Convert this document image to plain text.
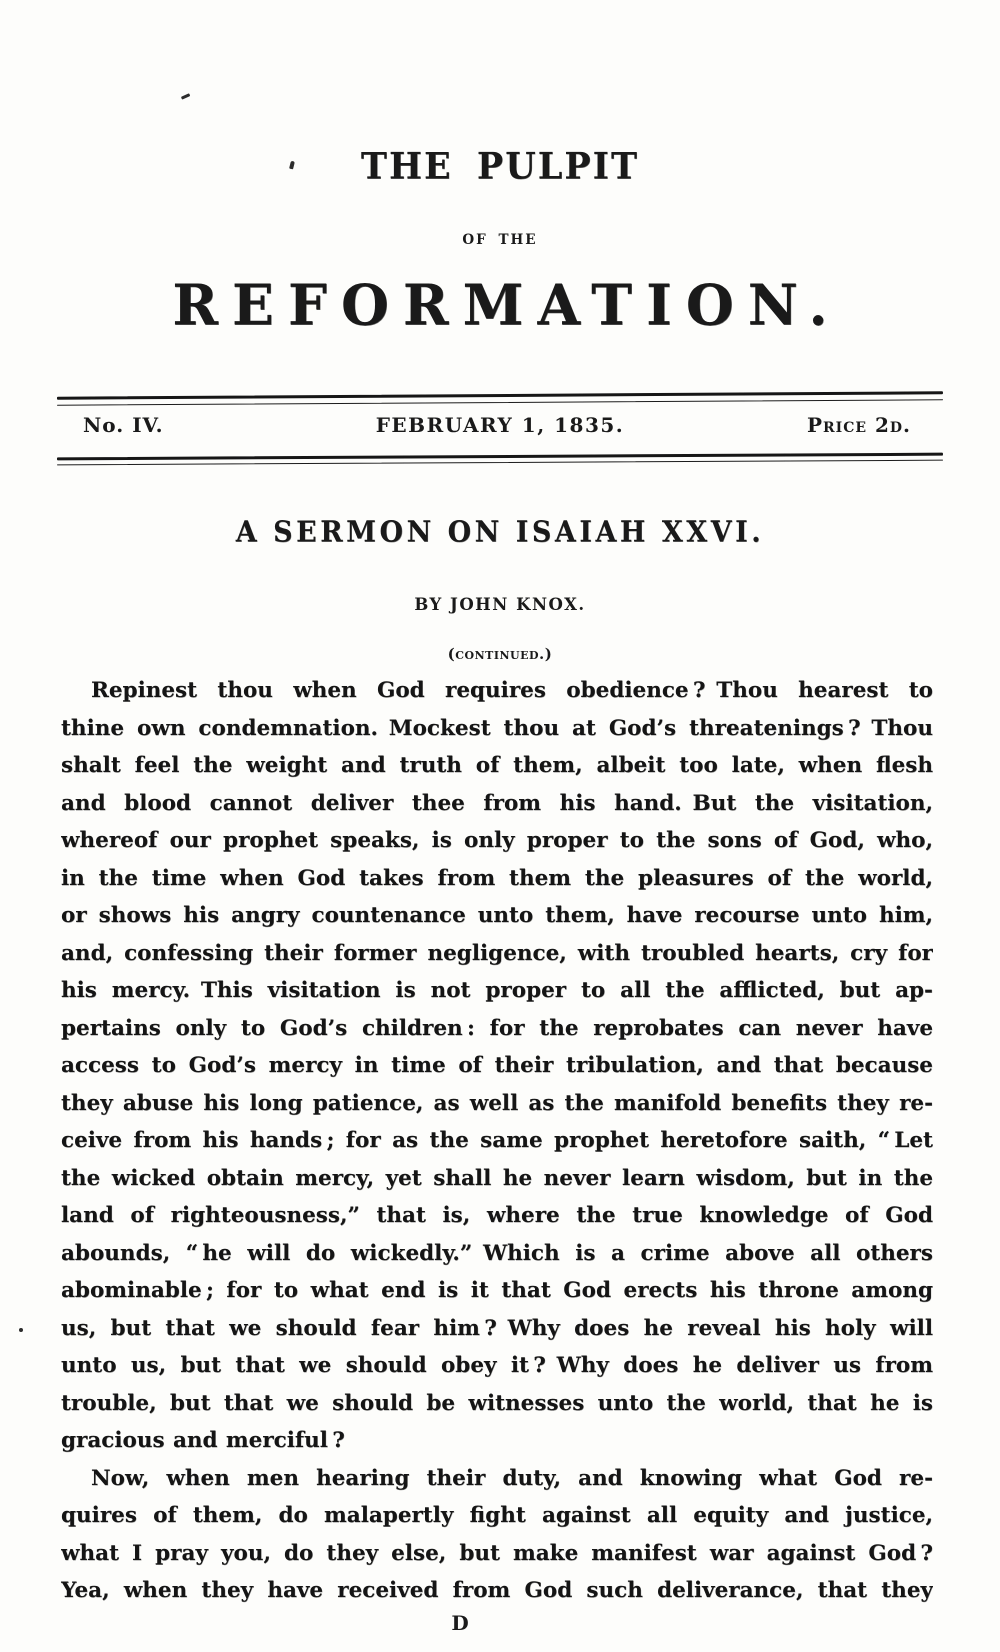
THE PULPIT
OF THE
REFORMATION.
No. IV.	FEBRUARY 1, 1835.	Price 2d.
A SERMON ON ISAIAH XXVI.
BY JOHN KNOX.
(continued.)
Repinest thou when God requires obedience ? Thou hearest to
thine own condemnation. Mockest thou at God’s threatenings ? Thou
shalt feel the weight and truth of them, albeit too late, when flesh
and blood cannot deliver thee from his hand. But the visitation,
whereof our prophet speaks, is only proper to the sons of God, who,
in the time when God takes from them the pleasures of the world,
or shows his angry countenance unto them, have recourse unto him,
and, confessing their former negligence, with troubled hearts, cry for
his mercy. This visitation is not proper to all the afflicted, but ap-
pertains only to God’s children : for the reprobates can never have
access to God’s mercy in time of their tribulation, and that because
they abuse his long patience, as well as the manifold benefits they re-
ceive from his hands ; for as the same prophet heretofore saith, “ Let
the wicked obtain mercy, yet shall he never learn wisdom, but in the
land of righteousness,” that is, where the true knowledge of God
abounds, “ he will do wickedly.” Which is a crime above all others
abominable ; for to what end is it that God erects his throne among
us, but that we should fear him ? Why does he reveal his holy will
unto us, but that we should obey it ? Why does he deliver us from
trouble, but that we should be witnesses unto the world, that he is
gracious and merciful ?
Now, when men hearing their duty, and knowing what God re-
quires of them, do malapertly fight against all equity and justice,
what I pray you, do they else, but make manifest war against God ?
Yea, when they have received from God such deliverance, that they
D
